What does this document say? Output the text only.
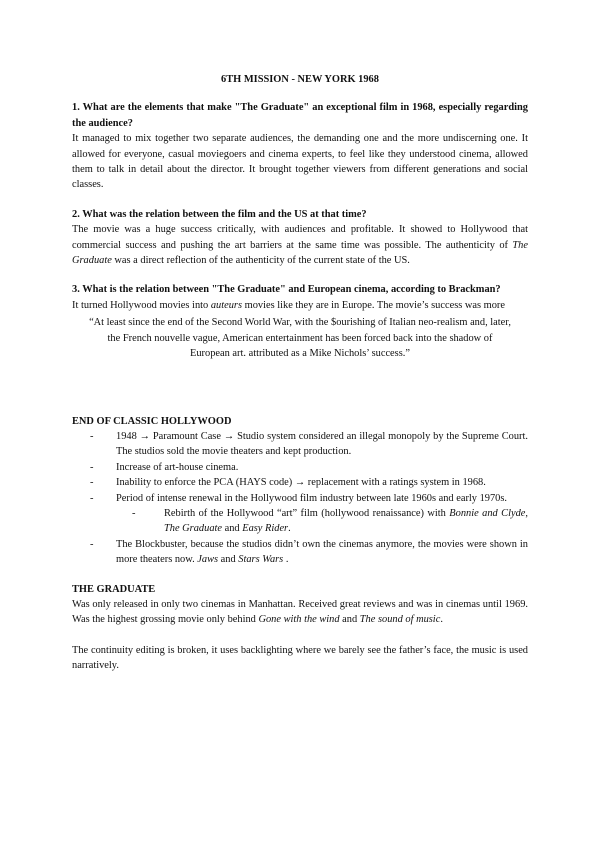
6TH MISSION - NEW YORK 1968
1. What are the elements that make "The Graduate" an exceptional film in 1968, especially regarding the audience?

It managed to mix together two separate audiences, the demanding one and the more undiscerning one. It allowed for everyone, casual moviegoers and cinema experts, to feel like they understood cinema, allowed them to talk in detail about the director. It brought together viewers from different generations and social classes.

2. What was the relation between the film and the US at that time?

The movie was a huge success critically, with audiences and profitable. It showed to Hollywood that commercial success and pushing the art barriers at the same time was possible. The authenticity of The Graduate was a direct reflection of the authenticity of the current state of the US.

3. What is the relation between "The Graduate" and European cinema, according to Brackman?

It turned Hollywood movies into auteurs movies like they are in Europe. The movie’s success was more

“At least since the end of the Second World War, with the $ourishing of Italian neo-realism and, later,
the French nouvelle vague, American entertainment has been forced back into the shadow of
European art. attributed as a Mike Nichols’ success.”
END OF CLASSIC HOLLYWOOD
- 1948 → Paramount Case → Studio system considered an illegal monopoly by the Supreme Court. The studios sold the movie theaters and kept production.
- Increase of art-house cinema.
- Inability to enforce the PCA (HAYS code) → replacement with a ratings system in 1968.
- Period of intense renewal in the Hollywood film industry between late 1960s and early 1970s.
- Rebirth of the Hollywood “art” film (hollywood renaissance) with Bonnie and Clyde, The Graduate and Easy Rider.
- The Blockbuster, because the studios didn’t own the cinemas anymore, the movies were shown in more theaters now. Jaws and Stars Wars .
THE GRADUATE

Was only released in only two cinemas in Manhattan. Received great reviews and was in cinemas until 1969. Was the highest grossing movie only behind Gone with the wind and The sound of music.

The continuity editing is broken, it uses backlighting where we barely see the father’s face, the music is used narratively.
